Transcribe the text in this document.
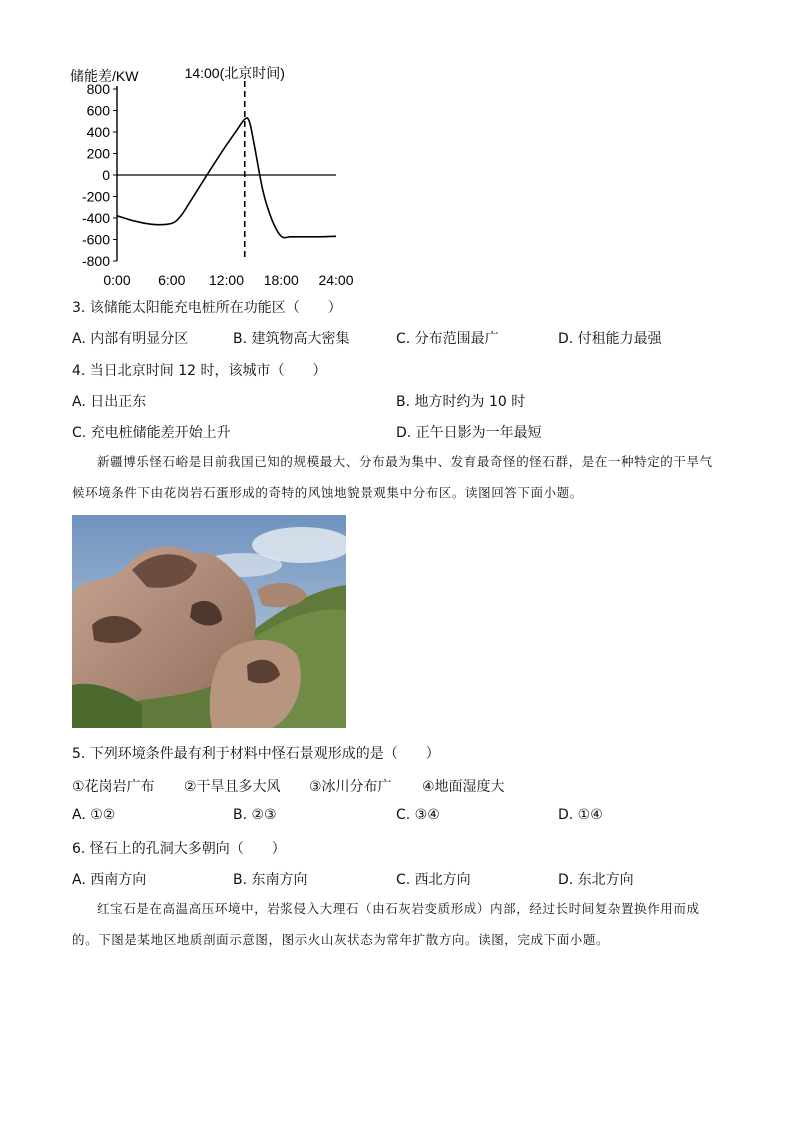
储能差/KW	14:00(北京时间)
800
600
400
200
0
-200
-400
-600
-800
0:00 6:00 12:00 18:00 24:00
3. 该储能太阳能充电桩所在功能区（　　）
A. 内部有明显分区	B. 建筑物高大密集	C. 分布范围最广	D. 付租能力最强
4. 当日北京时间 12 时，该城市（　　）
A. 日出正东	B. 地方时约为 10 时
C. 充电桩储能差开始上升	D. 正午日影为一年最短
新疆博乐怪石峪是目前我国已知的规模最大、分布最为集中、发育最奇怪的怪石群，是在一种特定的干旱气候环境条件下由花岗岩石蛋形成的奇特的风蚀地貌景观集中分布区。读图回答下面小题。
5. 下列环境条件最有利于材料中怪石景观形成的是（　　）
①花岗岩广布 ②干旱且多大风 ③冰川分布广 ④地面湿度大
A. ①②	B. ②③	C. ③④	D. ①④
6. 怪石上的孔洞大多朝向（　　）
A. 西南方向	B. 东南方向	C. 西北方向	D. 东北方向
红宝石是在高温高压环境中，岩浆侵入大理石（由石灰岩变质形成）内部，经过长时间复杂置换作用而成的。下图是某地区地质剖面示意图，图示火山灰状态为常年扩散方向。读图，完成下面小题。
